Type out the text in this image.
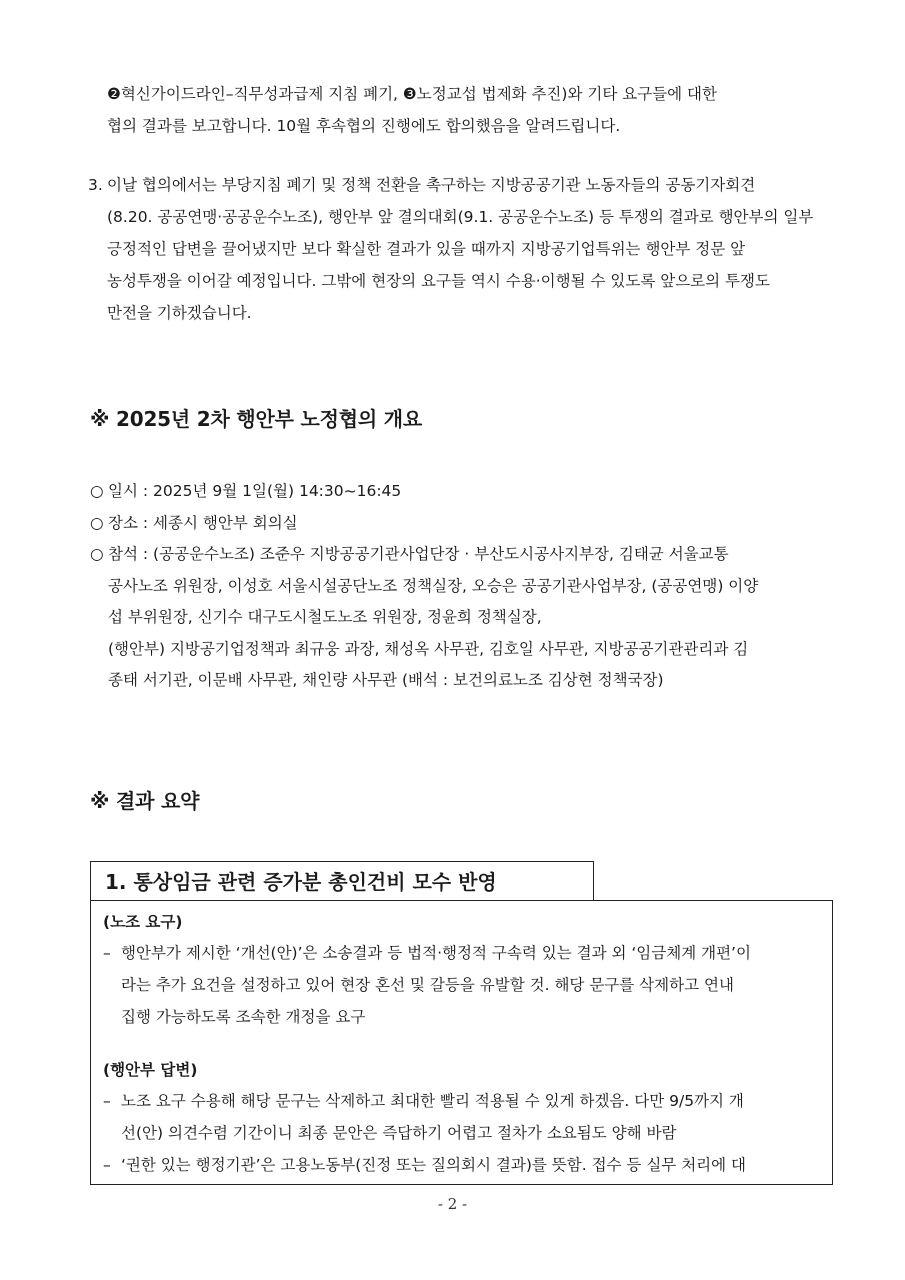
❷혁신가이드라인–직무성과급제 지침 폐기, ❸노정교섭 법제화 추진)와 기타 요구들에 대한
협의 결과를 보고합니다. 10월 후속협의 진행에도 합의했음을 알려드립니다.
3. 이날 협의에서는 부당지침 폐기 및 정책 전환을 촉구하는 지방공공기관 노동자들의 공동기자회견
(8.20. 공공연맹·공공운수노조), 행안부 앞 결의대회(9.1. 공공운수노조) 등 투쟁의 결과로 행안부의 일부
긍정적인 답변을 끌어냈지만 보다 확실한 결과가 있을 때까지 지방공기업특위는 행안부 정문 앞
농성투쟁을 이어갈 예정입니다. 그밖에 현장의 요구들 역시 수용·이행될 수 있도록 앞으로의 투쟁도
만전을 기하겠습니다.
※ 2025년 2차 행안부 노정협의 개요
○ 일시 : 2025년 9월 1일(월) 14:30~16:45
○ 장소 : 세종시 행안부 회의실
○ 참석 : (공공운수노조) 조준우 지방공공기관사업단장 · 부산도시공사지부장, 김태균 서울교통
공사노조 위원장, 이성호 서울시설공단노조 정책실장, 오승은 공공기관사업부장, (공공연맹) 이양
섭 부위원장, 신기수 대구도시철도노조 위원장, 정윤희 정책실장,
(행안부) 지방공기업정책과 최규웅 과장, 채성옥 사무관, 김호일 사무관, 지방공공기관관리과 김
종태 서기관, 이문배 사무관, 채인량 사무관 (배석 : 보건의료노조 김상현 정책국장)
※ 결과 요약
1. 통상임금 관련 증가분 총인건비 모수 반영

(노조 요구)

– 행안부가 제시한 ‘개선(안)’은 소송결과 등 법적·행정적 구속력 있는 결과 외 ‘임금체계 개편’이
라는 추가 요건을 설정하고 있어 현장 혼선 및 갈등을 유발할 것. 해당 문구를 삭제하고 연내
집행 가능하도록 조속한 개정을 요구

(행안부 답변)

– 노조 요구 수용해 해당 문구는 삭제하고 최대한 빨리 적용될 수 있게 하겠음. 다만 9/5까지 개
선(안) 의견수렴 기간이니 최종 문안은 즉답하기 어렵고 절차가 소요됨도 양해 바람
– ‘권한 있는 행정기관’은 고용노동부(진정 또는 질의회시 결과)를 뜻함. 접수 등 실무 처리에 대
- 2 -
